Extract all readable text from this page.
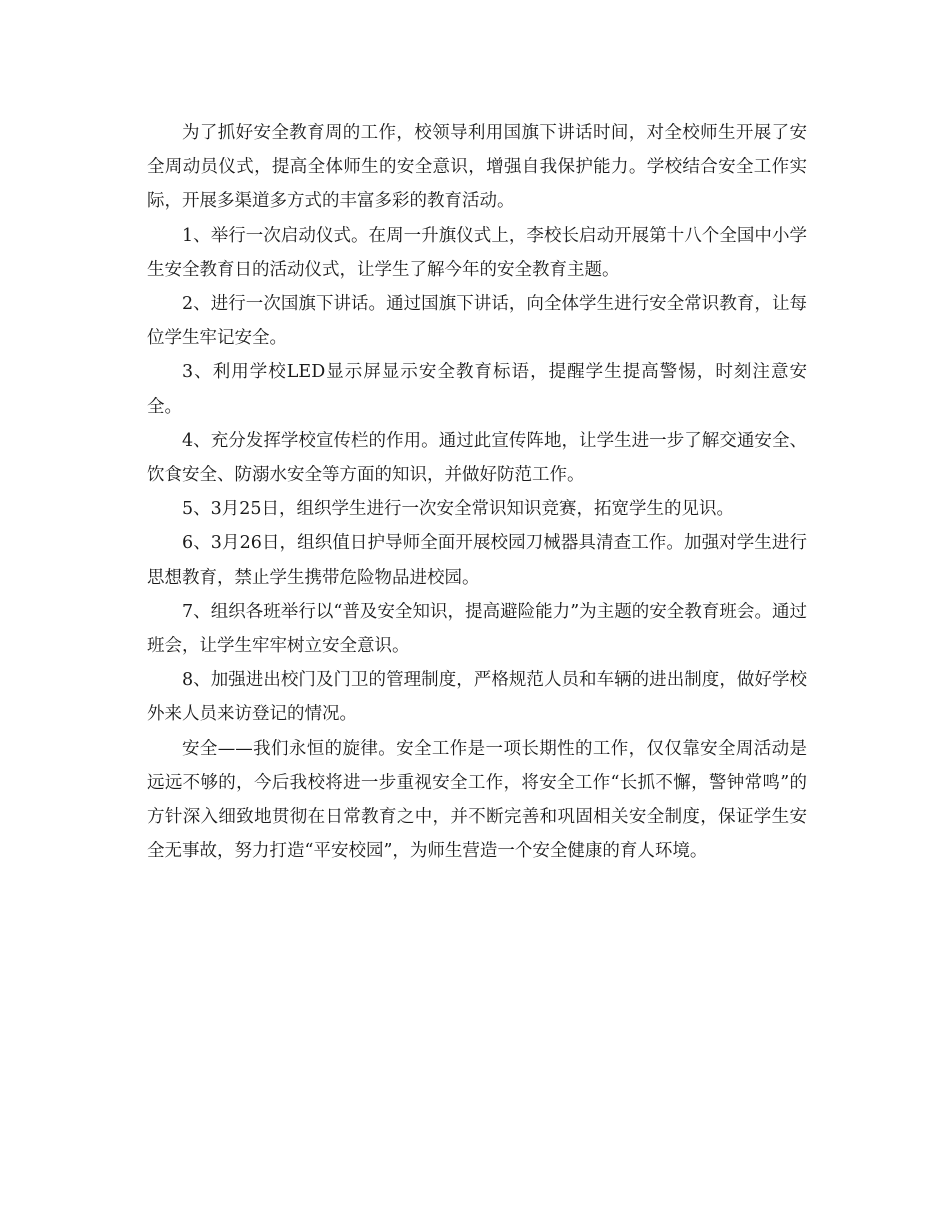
为了抓好安全教育周的工作，校领导利用国旗下讲话时间，对全校师生开展了安全周动员仪式，提高全体师生的安全意识，增强自我保护能力。学校结合安全工作实际，开展多渠道多方式的丰富多彩的教育活动。

1、举行一次启动仪式。在周一升旗仪式上，李校长启动开展第十八个全国中小学生安全教育日的活动仪式，让学生了解今年的安全教育主题。

2、进行一次国旗下讲话。通过国旗下讲话，向全体学生进行安全常识教育，让每位学生牢记安全。

3、利用学校LED显示屏显示安全教育标语，提醒学生提高警惕，时刻注意安全。

4、充分发挥学校宣传栏的作用。通过此宣传阵地，让学生进一步了解交通安全、饮食安全、防溺水安全等方面的知识，并做好防范工作。

5、3月25日，组织学生进行一次安全常识知识竞赛，拓宽学生的见识。

6、3月26日，组织值日护导师全面开展校园刀械器具清查工作。加强对学生进行思想教育，禁止学生携带危险物品进校园。

7、组织各班举行以“普及安全知识，提高避险能力”为主题的安全教育班会。通过班会，让学生牢牢树立安全意识。

8、加强进出校门及门卫的管理制度，严格规范人员和车辆的进出制度，做好学校外来人员来访登记的情况。

安全——我们永恒的旋律。安全工作是一项长期性的工作，仅仅靠安全周活动是远远不够的，今后我校将进一步重视安全工作，将安全工作“长抓不懈，警钟常鸣”的方针深入细致地贯彻在日常教育之中，并不断完善和巩固相关安全制度，保证学生安全无事故，努力打造“平安校园”，为师生营造一个安全健康的育人环境。
